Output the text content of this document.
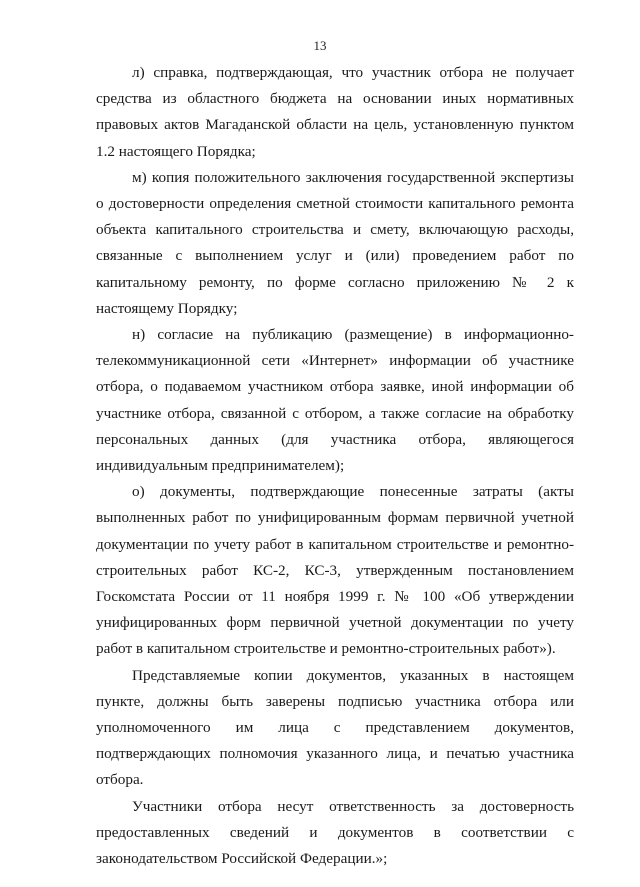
13

л) справка, подтверждающая, что участник отбора не получает средства из областного бюджета на основании иных нормативных правовых актов Магаданской области на цель, установленную пунктом 1.2 настоящего Порядка;

м) копия положительного заключения государственной экспертизы о достоверности определения сметной стоимости капитального ремонта объекта капитального строительства и смету, включающую расходы, связанные с выполнением услуг и (или) проведением работ по капитальному ремонту, по форме согласно приложению № 2 к настоящему Порядку;

н) согласие на публикацию (размещение) в информационно-телекоммуникационной сети «Интернет» информации об участнике отбора, о подаваемом участником отбора заявке, иной информации об участнике отбора, связанной с отбором, а также согласие на обработку персональных данных (для участника отбора, являющегося индивидуальным предпринимателем);

о) документы, подтверждающие понесенные затраты (акты выполненных работ по унифицированным формам первичной учетной документации по учету работ в капитальном строительстве и ремонтно-строительных работ КС-2, КС-3, утвержденным постановлением Госкомстата России от 11 ноября 1999 г. № 100 «Об утверждении унифицированных форм первичной учетной документации по учету работ в капитальном строительстве и ремонтно-строительных работ»).

Представляемые копии документов, указанных в настоящем пункте, должны быть заверены подписью участника отбора или уполномоченного им лица с представлением документов, подтверждающих полномочия указанного лица, и печатью участника отбора.

Участники отбора несут ответственность за достоверность предоставленных сведений и документов в соответствии с законодательством Российской Федерации.»;
